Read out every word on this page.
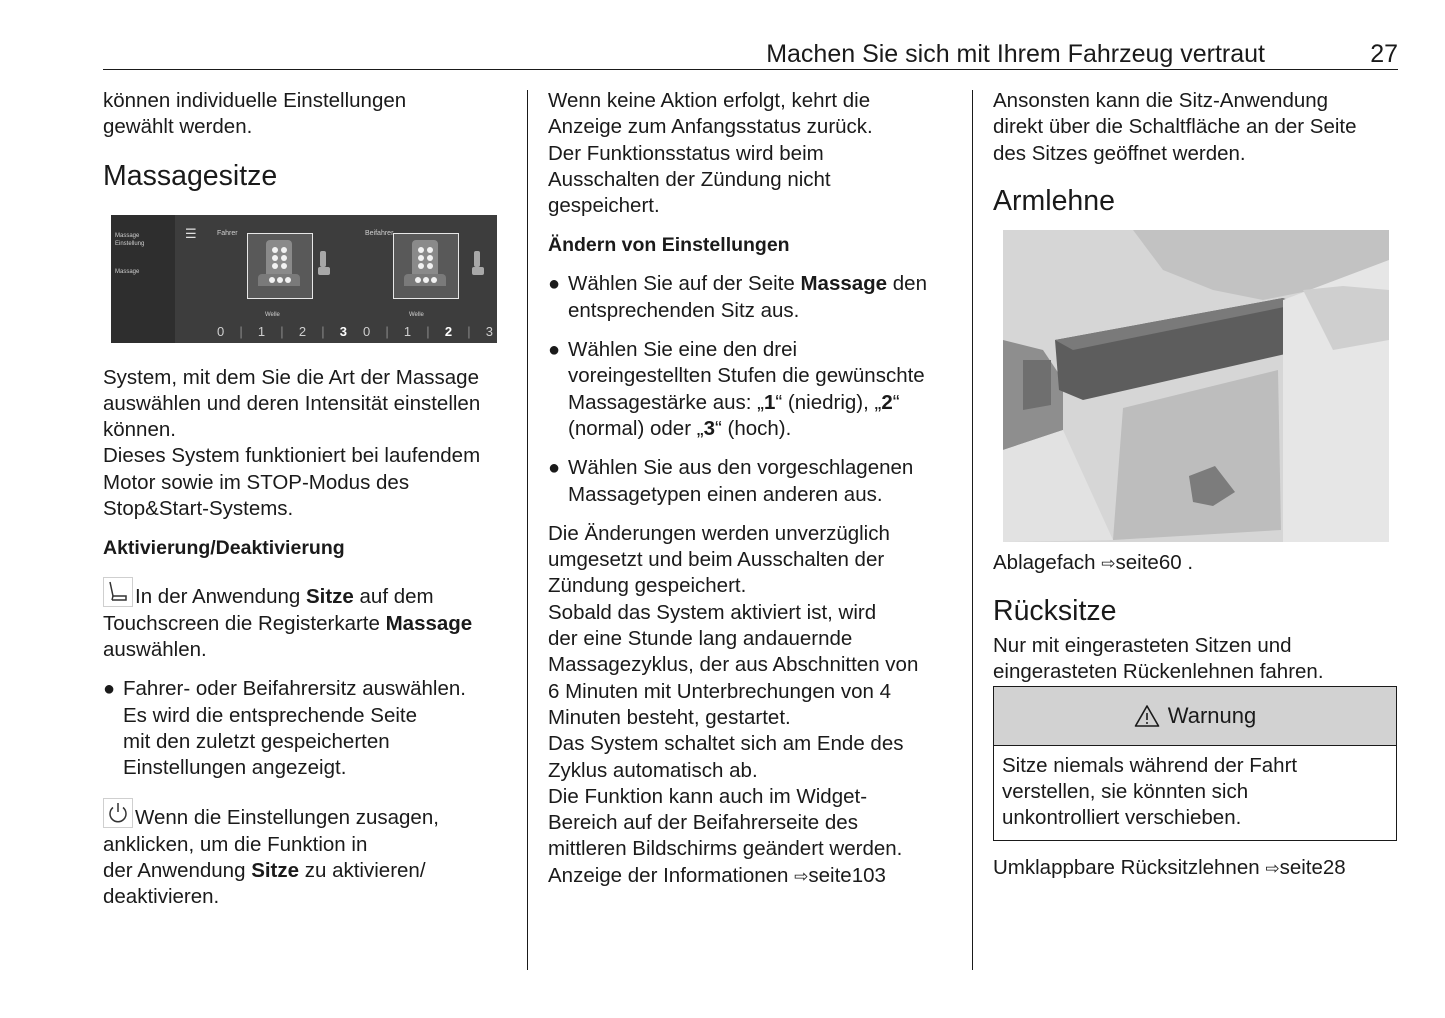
Machen Sie sich mit Ihrem Fahrzeug vertraut	27

können individuelle Einstellungen

gewählt werden.

Massagesitze

Massage
Einstellung
Massage
☰	Fahrer	Beifahrer
Welle	Welle
0 | 1 | 2 | 3 0 | 1 | 2 | 3

System, mit dem Sie die Art der Massage

auswählen und deren Intensität einstellen

können.

Dieses System funktioniert bei laufendem

Motor sowie im STOP-Modus des

Stop&Start-Systems.

Aktivierung/Deaktivierung

In der Anwendung Sitze auf dem

Touchscreen die Registerkarte Massage

auswählen.

● Fahrer- oder Beifahrersitz auswählen.

Es wird die entsprechende Seite

mit den zuletzt gespeicherten

Einstellungen angezeigt.

Wenn die Einstellungen zusagen,

anklicken, um die Funktion in

der Anwendung Sitze zu aktivieren/

deaktivieren.

Wenn keine Aktion erfolgt, kehrt die

Anzeige zum Anfangsstatus zurück.

Der Funktionsstatus wird beim

Ausschalten der Zündung nicht

gespeichert.

Ändern von Einstellungen

● Wählen Sie auf der Seite Massage den

entsprechenden Sitz aus.

● Wählen Sie eine den drei

voreingestellten Stufen die gewünschte

Massagestärke aus: „1“ (niedrig), „2“

(normal) oder „3“ (hoch).

● Wählen Sie aus den vorgeschlagenen

Massagetypen einen anderen aus.

Die Änderungen werden unverzüglich

umgesetzt und beim Ausschalten der

Zündung gespeichert.

Sobald das System aktiviert ist, wird

der eine Stunde lang andauernde

Massagezyklus, der aus Abschnitten von

6 Minuten mit Unterbrechungen von 4

Minuten besteht, gestartet.

Das System schaltet sich am Ende des

Zyklus automatisch ab.

Die Funktion kann auch im Widget-

Bereich auf der Beifahrerseite des

mittleren Bildschirms geändert werden.

Anzeige der Informationen ⇨seite103

Ansonsten kann die Sitz-Anwendung

direkt über die Schaltfläche an der Seite

des Sitzes geöffnet werden.

Armlehne

Ablagefach ⇨seite60 .

Rücksitze

Nur mit eingerasteten Sitzen und

eingerasteten Rückenlehnen fahren.

Warnung

Sitze niemals während der Fahrt

verstellen, sie könnten sich

unkontrolliert verschieben.

Umklappbare Rücksitzlehnen ⇨seite28
